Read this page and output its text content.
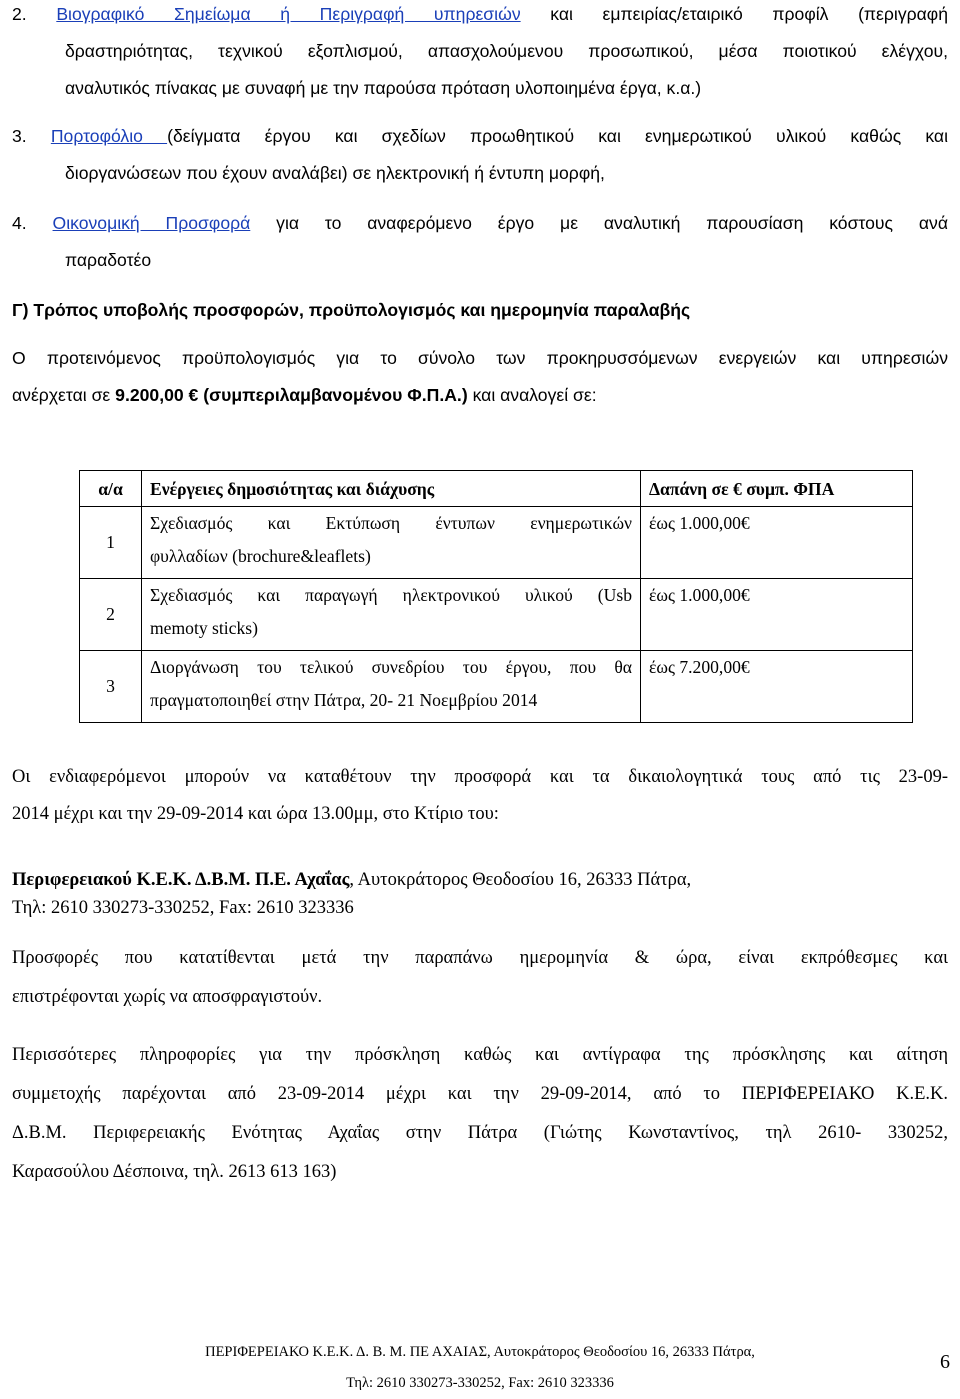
2. Βιογραφικό Σημείωμα ή Περιγραφή υπηρεσιών και εμπειρίας/εταιρικό προφίλ (περιγραφή
δραστηριότητας, τεχνικού εξοπλισμού, απασχολούμενου προσωπικού, μέσα ποιοτικού ελέγχου,
αναλυτικός πίνακας με συναφή με την παρούσα πρόταση υλοποιημένα έργα, κ.α.)
3. Πορτοφόλιο (δείγματα έργου και σχεδίων προωθητικού και ενημερωτικού υλικού καθώς και
διοργανώσεων που έχουν αναλάβει) σε ηλεκτρονική ή έντυπη μορφή,
4. Οικονομική Προσφορά για το αναφερόμενο έργο με αναλυτική παρουσίαση κόστους ανά
παραδοτέο
Γ) Τρόπος υποβολής προσφορών, προϋπολογισμός και ημερομηνία παραλαβής
Ο προτεινόμενος προϋπολογισμός για το σύνολο των προκηρυσσόμενων ενεργειών και υπηρεσιών
ανέρχεται σε 9.200,00 € (συμπεριλαμβανομένου Φ.Π.Α.) και αναλογεί σε:
α/α	Ενέργειες δημοσιότητας και διάχυσης	Δαπάνη σε € συμπ. ΦΠΑ
1	Σχεδιασμός και Εκτύπωση έντυπων ενημερωτικών
φυλλαδίων (brochure&leaflets)	έως 1.000,00€
2	Σχεδιασμός και παραγωγή ηλεκτρονικού υλικού (Usb
memoty sticks)	έως 1.000,00€
3	Διοργάνωση του τελικού συνεδρίου του έργου, που θα
πραγματοποιηθεί στην Πάτρα, 20- 21 Νοεμβρίου 2014	έως 7.200,00€
Οι ενδιαφερόμενοι μπορούν να καταθέτουν την προσφορά και τα δικαιολογητικά τους από τις 23-09-
2014 μέχρι και την 29-09-2014 και ώρα 13.00μμ, στο Κτίριο του:
Περιφερειακού Κ.Ε.Κ. Δ.Β.Μ. Π.Ε. Αχαΐας, Αυτοκράτορος Θεοδοσίου 16, 26333 Πάτρα,
Τηλ: 2610 330273-330252, Fax: 2610 323336
Προσφορές που κατατίθενται μετά την παραπάνω ημερομηνία & ώρα, είναι εκπρόθεσμες και
επιστρέφονται χωρίς να αποσφραγιστούν.
Περισσότερες πληροφορίες για την πρόσκληση καθώς και αντίγραφα της πρόσκλησης και αίτηση
συμμετοχής παρέχονται από 23-09-2014 μέχρι και την 29-09-2014, από το ΠΕΡΙΦΕΡΕΙΑΚΟ Κ.Ε.Κ.
Δ.Β.Μ. Περιφερειακής Ενότητας Αχαΐας στην Πάτρα (Γιώτης Κωνσταντίνος, τηλ 2610- 330252,
Καρασούλου Δέσποινα, τηλ. 2613 613 163)
ΠΕΡΙΦΕΡΕΙΑΚΟ Κ.Ε.Κ. Δ. Β. Μ. ΠΕ ΑΧΑΙΑΣ, Αυτοκράτορος Θεοδοσίου 16, 26333 Πάτρα,
Τηλ: 2610 330273-330252, Fax: 2610 323336
6
